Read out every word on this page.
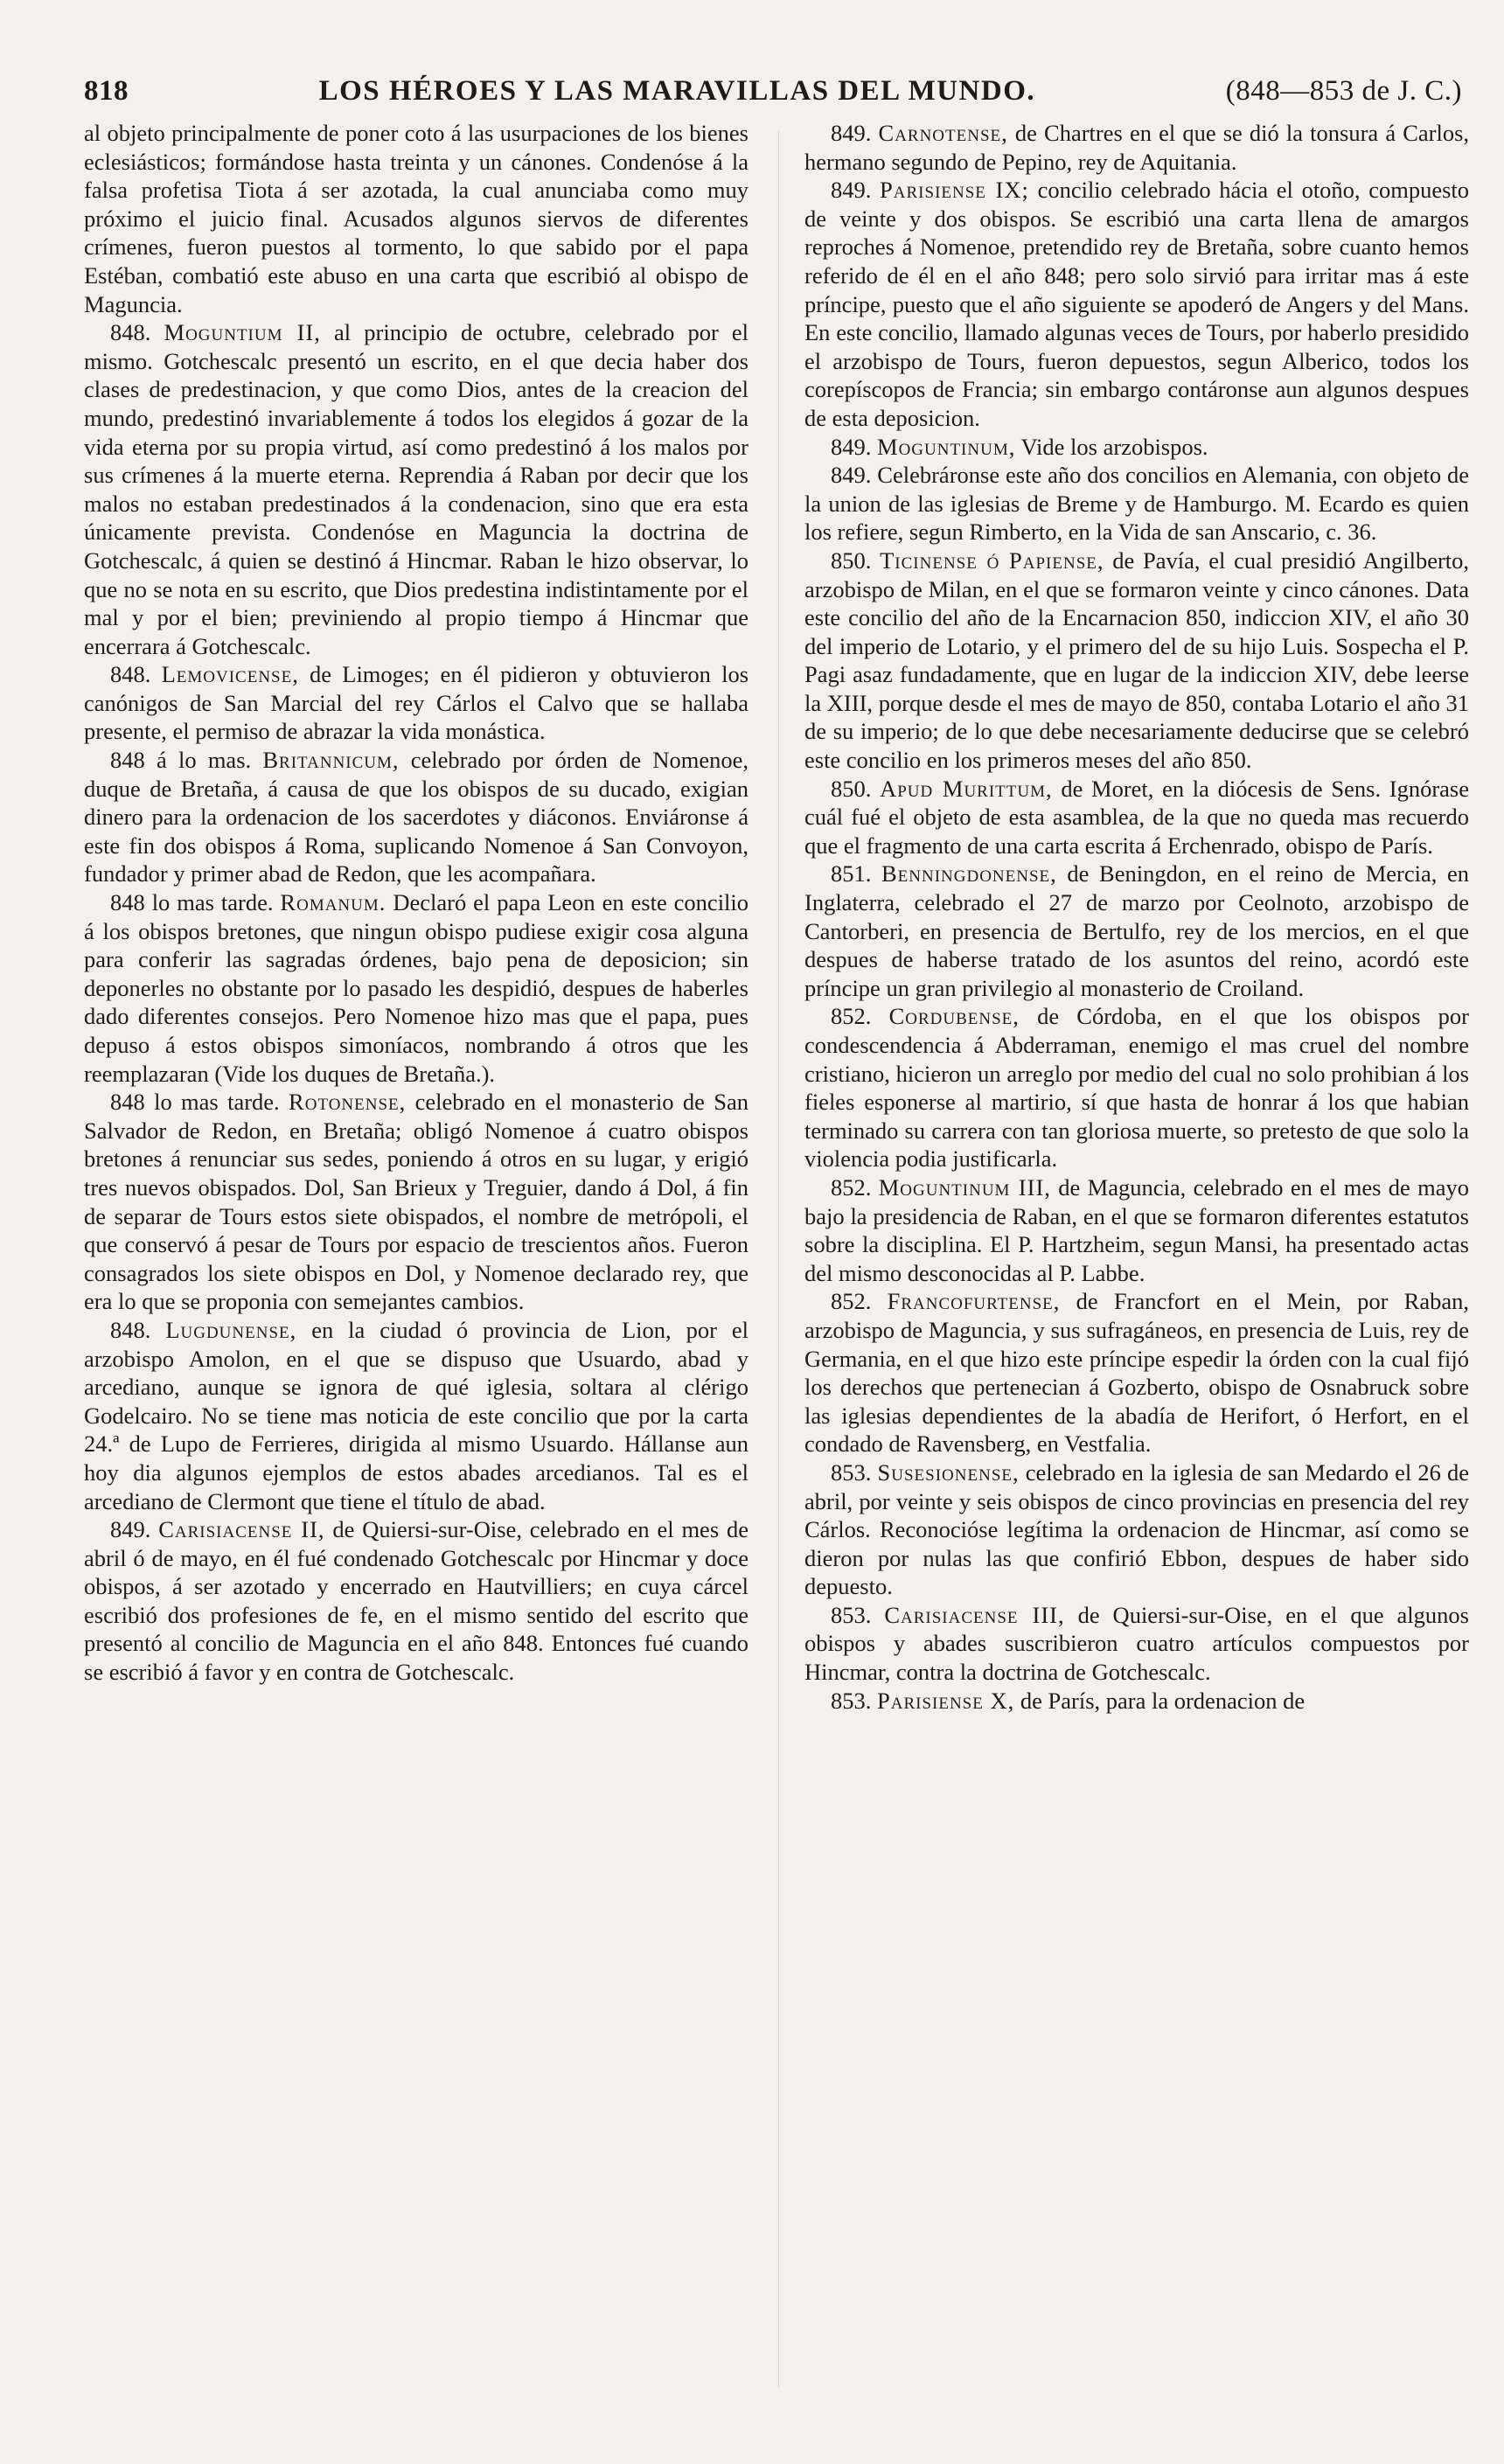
818	LOS HÉROES Y LAS MARAVILLAS DEL MUNDO.	(848—853 de J. C.)

al objeto principalmente de poner coto á las usurpaciones de los bienes eclesiásticos; formándose hasta treinta y un cánones. Condenóse á la falsa profetisa Tiota á ser azotada, la cual anunciaba como muy próximo el juicio final. Acusados algunos siervos de diferentes crímenes, fueron puestos al tormento, lo que sabido por el papa Estéban, combatió este abuso en una carta que escribió al obispo de Maguncia.

848. Moguntium II, al principio de octubre, celebrado por el mismo. Gotchescalc presentó un escrito, en el que decia haber dos clases de predestinacion, y que como Dios, antes de la creacion del mundo, predestinó invariablemente á todos los elegidos á gozar de la vida eterna por su propia virtud, así como predestinó á los malos por sus crímenes á la muerte eterna. Reprendia á Raban por decir que los malos no estaban predestinados á la condenacion, sino que era esta únicamente prevista. Condenóse en Maguncia la doctrina de Gotchescalc, á quien se destinó á Hincmar. Raban le hizo observar, lo que no se nota en su escrito, que Dios predestina indistintamente por el mal y por el bien; previniendo al propio tiempo á Hincmar que encerrara á Gotchescalc.

848. Lemovicense, de Limoges; en él pidieron y obtuvieron los canónigos de San Marcial del rey Cárlos el Calvo que se hallaba presente, el permiso de abrazar la vida monástica.

848 á lo mas. Britannicum, celebrado por órden de Nomenoe, duque de Bretaña, á causa de que los obispos de su ducado, exigian dinero para la ordenacion de los sacerdotes y diáconos. Enviáronse á este fin dos obispos á Roma, suplicando Nomenoe á San Convoyon, fundador y primer abad de Redon, que les acompañara.

848 lo mas tarde. Romanum. Declaró el papa Leon en este concilio á los obispos bretones, que ningun obispo pudiese exigir cosa alguna para conferir las sagradas órdenes, bajo pena de deposicion; sin deponerles no obstante por lo pasado les despidió, despues de haberles dado diferentes consejos. Pero Nomenoe hizo mas que el papa, pues depuso á estos obispos simoníacos, nombrando á otros que les reemplazaran (Vide los duques de Bretaña.).

848 lo mas tarde. Rotonense, celebrado en el monasterio de San Salvador de Redon, en Bretaña; obligó Nomenoe á cuatro obispos bretones á renunciar sus sedes, poniendo á otros en su lugar, y erigió tres nuevos obispados. Dol, San Brieux y Treguier, dando á Dol, á fin de separar de Tours estos siete obispados, el nombre de metrópoli, el que conservó á pesar de Tours por espacio de trescientos años. Fueron consagrados los siete obispos en Dol, y Nomenoe declarado rey, que era lo que se proponia con semejantes cambios.

848. Lugdunense, en la ciudad ó provincia de Lion, por el arzobispo Amolon, en el que se dispuso que Usuardo, abad y arcediano, aunque se ignora de qué iglesia, soltara al clérigo Godelcairo. No se tiene mas noticia de este concilio que por la carta 24.ª de Lupo de Ferrieres, dirigida al mismo Usuardo. Hállanse aun hoy dia algunos ejemplos de estos abades arcedianos. Tal es el arcediano de Clermont que tiene el título de abad.

849. Carisiacense II, de Quiersi-sur-Oise, celebrado en el mes de abril ó de mayo, en él fué condenado Gotchescalc por Hincmar y doce obispos, á ser azotado y encerrado en Hautvilliers; en cuya cárcel escribió dos profesiones de fe, en el mismo sentido del escrito que presentó al concilio de Maguncia en el año 848. Entonces fué cuando se escribió á favor y en contra de Gotchescalc.

849. Carnotense, de Chartres en el que se dió la tonsura á Carlos, hermano segundo de Pepino, rey de Aquitania.

849. Parisiense IX; concilio celebrado hácia el otoño, compuesto de veinte y dos obispos. Se escribió una carta llena de amargos reproches á Nomenoe, pretendido rey de Bretaña, sobre cuanto hemos referido de él en el año 848; pero solo sirvió para irritar mas á este príncipe, puesto que el año siguiente se apoderó de Angers y del Mans. En este concilio, llamado algunas veces de Tours, por haberlo presidido el arzobispo de Tours, fueron depuestos, segun Alberico, todos los corepíscopos de Francia; sin embargo contáronse aun algunos despues de esta deposicion.

849. Moguntinum, Vide los arzobispos.

849. Celebráronse este año dos concilios en Alemania, con objeto de la union de las iglesias de Breme y de Hamburgo. M. Ecardo es quien los refiere, segun Rimberto, en la Vida de san Anscario, c. 36.

850. Ticinense ó Papiense, de Pavía, el cual presidió Angilberto, arzobispo de Milan, en el que se formaron veinte y cinco cánones. Data este concilio del año de la Encarnacion 850, indiccion XIV, el año 30 del imperio de Lotario, y el primero del de su hijo Luis. Sospecha el P. Pagi asaz fundadamente, que en lugar de la indiccion XIV, debe leerse la XIII, porque desde el mes de mayo de 850, contaba Lotario el año 31 de su imperio; de lo que debe necesariamente deducirse que se celebró este concilio en los primeros meses del año 850.

850. Apud Murittum, de Moret, en la diócesis de Sens. Ignórase cuál fué el objeto de esta asamblea, de la que no queda mas recuerdo que el fragmento de una carta escrita á Erchenrado, obispo de París.

851. Benningdonense, de Beningdon, en el reino de Mercia, en Inglaterra, celebrado el 27 de marzo por Ceolnoto, arzobispo de Cantorberi, en presencia de Bertulfo, rey de los mercios, en el que despues de haberse tratado de los asuntos del reino, acordó este príncipe un gran privilegio al monasterio de Croiland.

852. Cordubense, de Córdoba, en el que los obispos por condescendencia á Abderraman, enemigo el mas cruel del nombre cristiano, hicieron un arreglo por medio del cual no solo prohibian á los fieles esponerse al martirio, sí que hasta de honrar á los que habian terminado su carrera con tan gloriosa muerte, so pretesto de que solo la violencia podia justificarla.

852. Moguntinum III, de Maguncia, celebrado en el mes de mayo bajo la presidencia de Raban, en el que se formaron diferentes estatutos sobre la disciplina. El P. Hartzheim, segun Mansi, ha presentado actas del mismo desconocidas al P. Labbe.

852. Francofurtense, de Francfort en el Mein, por Raban, arzobispo de Maguncia, y sus sufragáneos, en presencia de Luis, rey de Germania, en el que hizo este príncipe espedir la órden con la cual fijó los derechos que pertenecian á Gozberto, obispo de Osnabruck sobre las iglesias dependientes de la abadía de Herifort, ó Herfort, en el condado de Ravensberg, en Vestfalia.

853. Susesionense, celebrado en la iglesia de san Medardo el 26 de abril, por veinte y seis obispos de cinco provincias en presencia del rey Cárlos. Reconocióse legítima la ordenacion de Hincmar, así como se dieron por nulas las que confirió Ebbon, despues de haber sido depuesto.

853. Carisiacense III, de Quiersi-sur-Oise, en el que algunos obispos y abades suscribieron cuatro artículos compuestos por Hincmar, contra la doctrina de Gotchescalc.

853. Parisiense X, de París, para la ordenacion de
